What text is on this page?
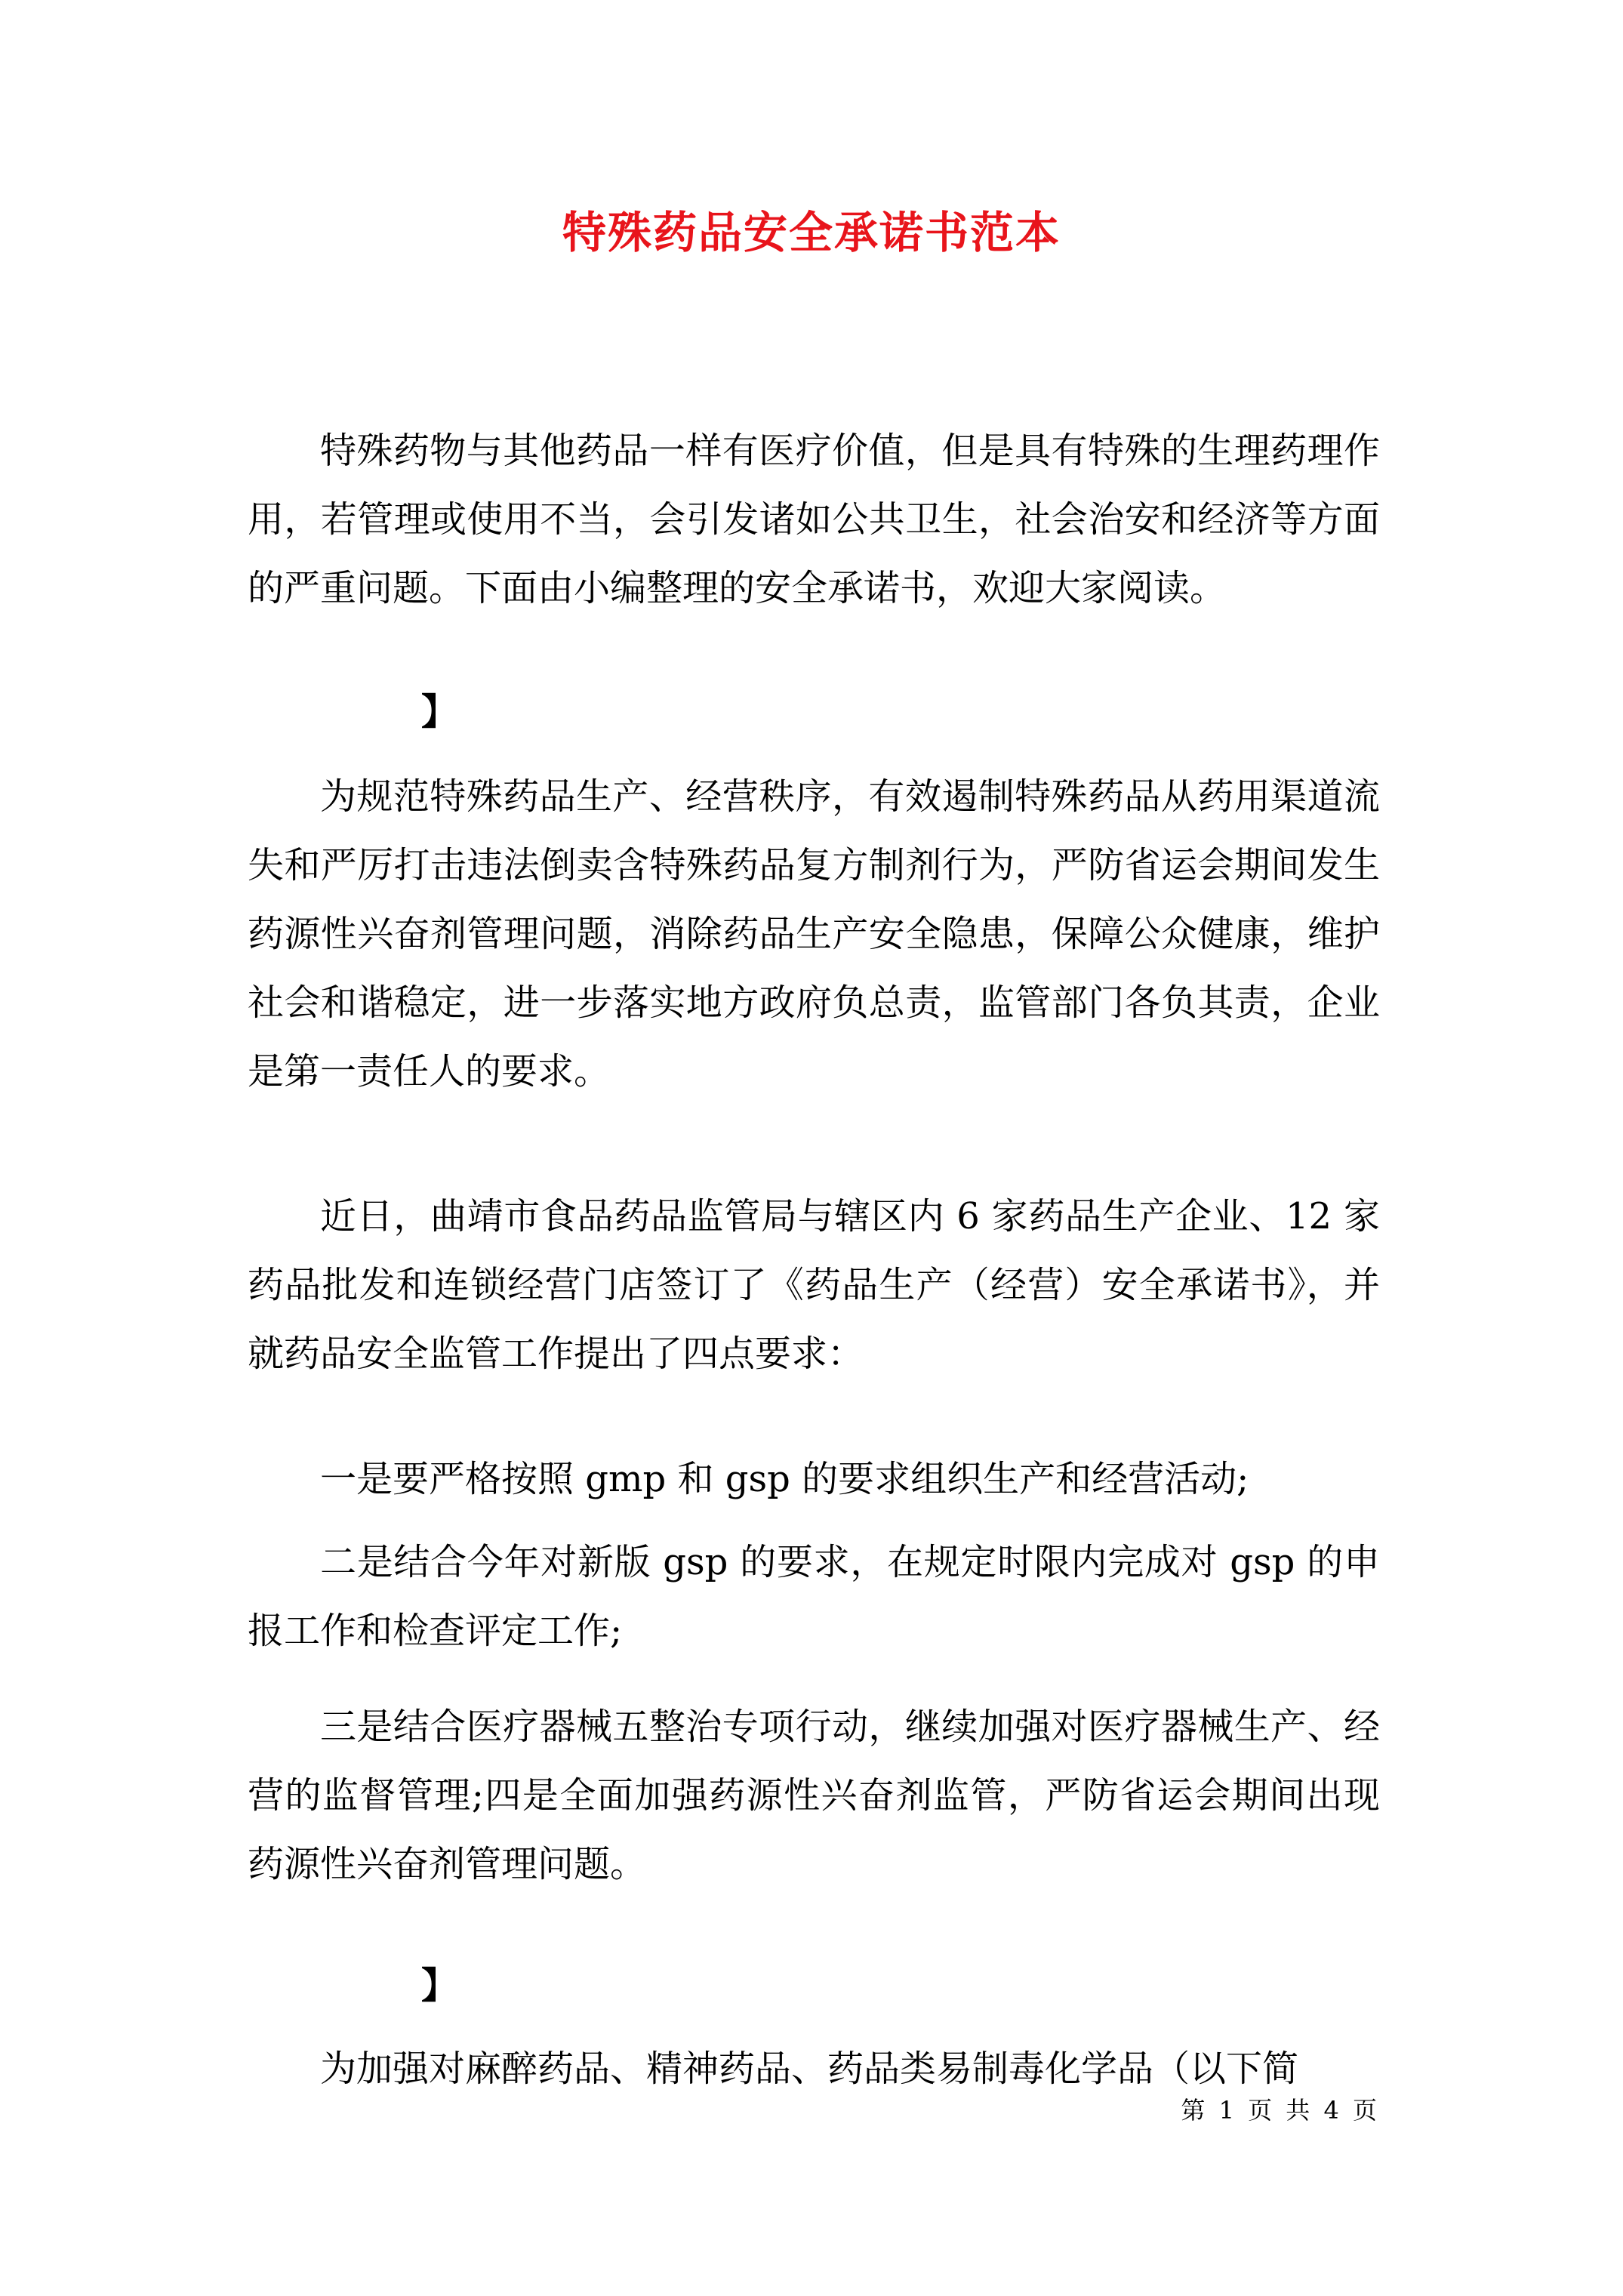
特殊药品安全承诺书范本

特殊药物与其他药品一样有医疗价值，但是具有特殊的生理药理作用，若管理或使用不当，会引发诸如公共卫生，社会治安和经济等方面的严重问题。下面由小编整理的安全承诺书，欢迎大家阅读。

】

为规范特殊药品生产、经营秩序，有效遏制特殊药品从药用渠道流失和严厉打击违法倒卖含特殊药品复方制剂行为，严防省运会期间发生药源性兴奋剂管理问题，消除药品生产安全隐患，保障公众健康，维护社会和谐稳定，进一步落实地方政府负总责，监管部门各负其责，企业是第一责任人的要求。

近日，曲靖市食品药品监管局与辖区内 6 家药品生产企业、12 家药品批发和连锁经营门店签订了《药品生产（经营）安全承诺书》，并就药品安全监管工作提出了四点要求：

一是要严格按照 gmp 和 gsp 的要求组织生产和经营活动;

二是结合今年对新版 gsp 的要求，在规定时限内完成对 gsp 的申报工作和检查评定工作;

三是结合医疗器械五整治专项行动，继续加强对医疗器械生产、经营的监督管理;四是全面加强药源性兴奋剂监管，严防省运会期间出现药源性兴奋剂管理问题。

】

为加强对麻醉药品、精神药品、药品类易制毒化学品（以下简

第 1 页 共 4 页
